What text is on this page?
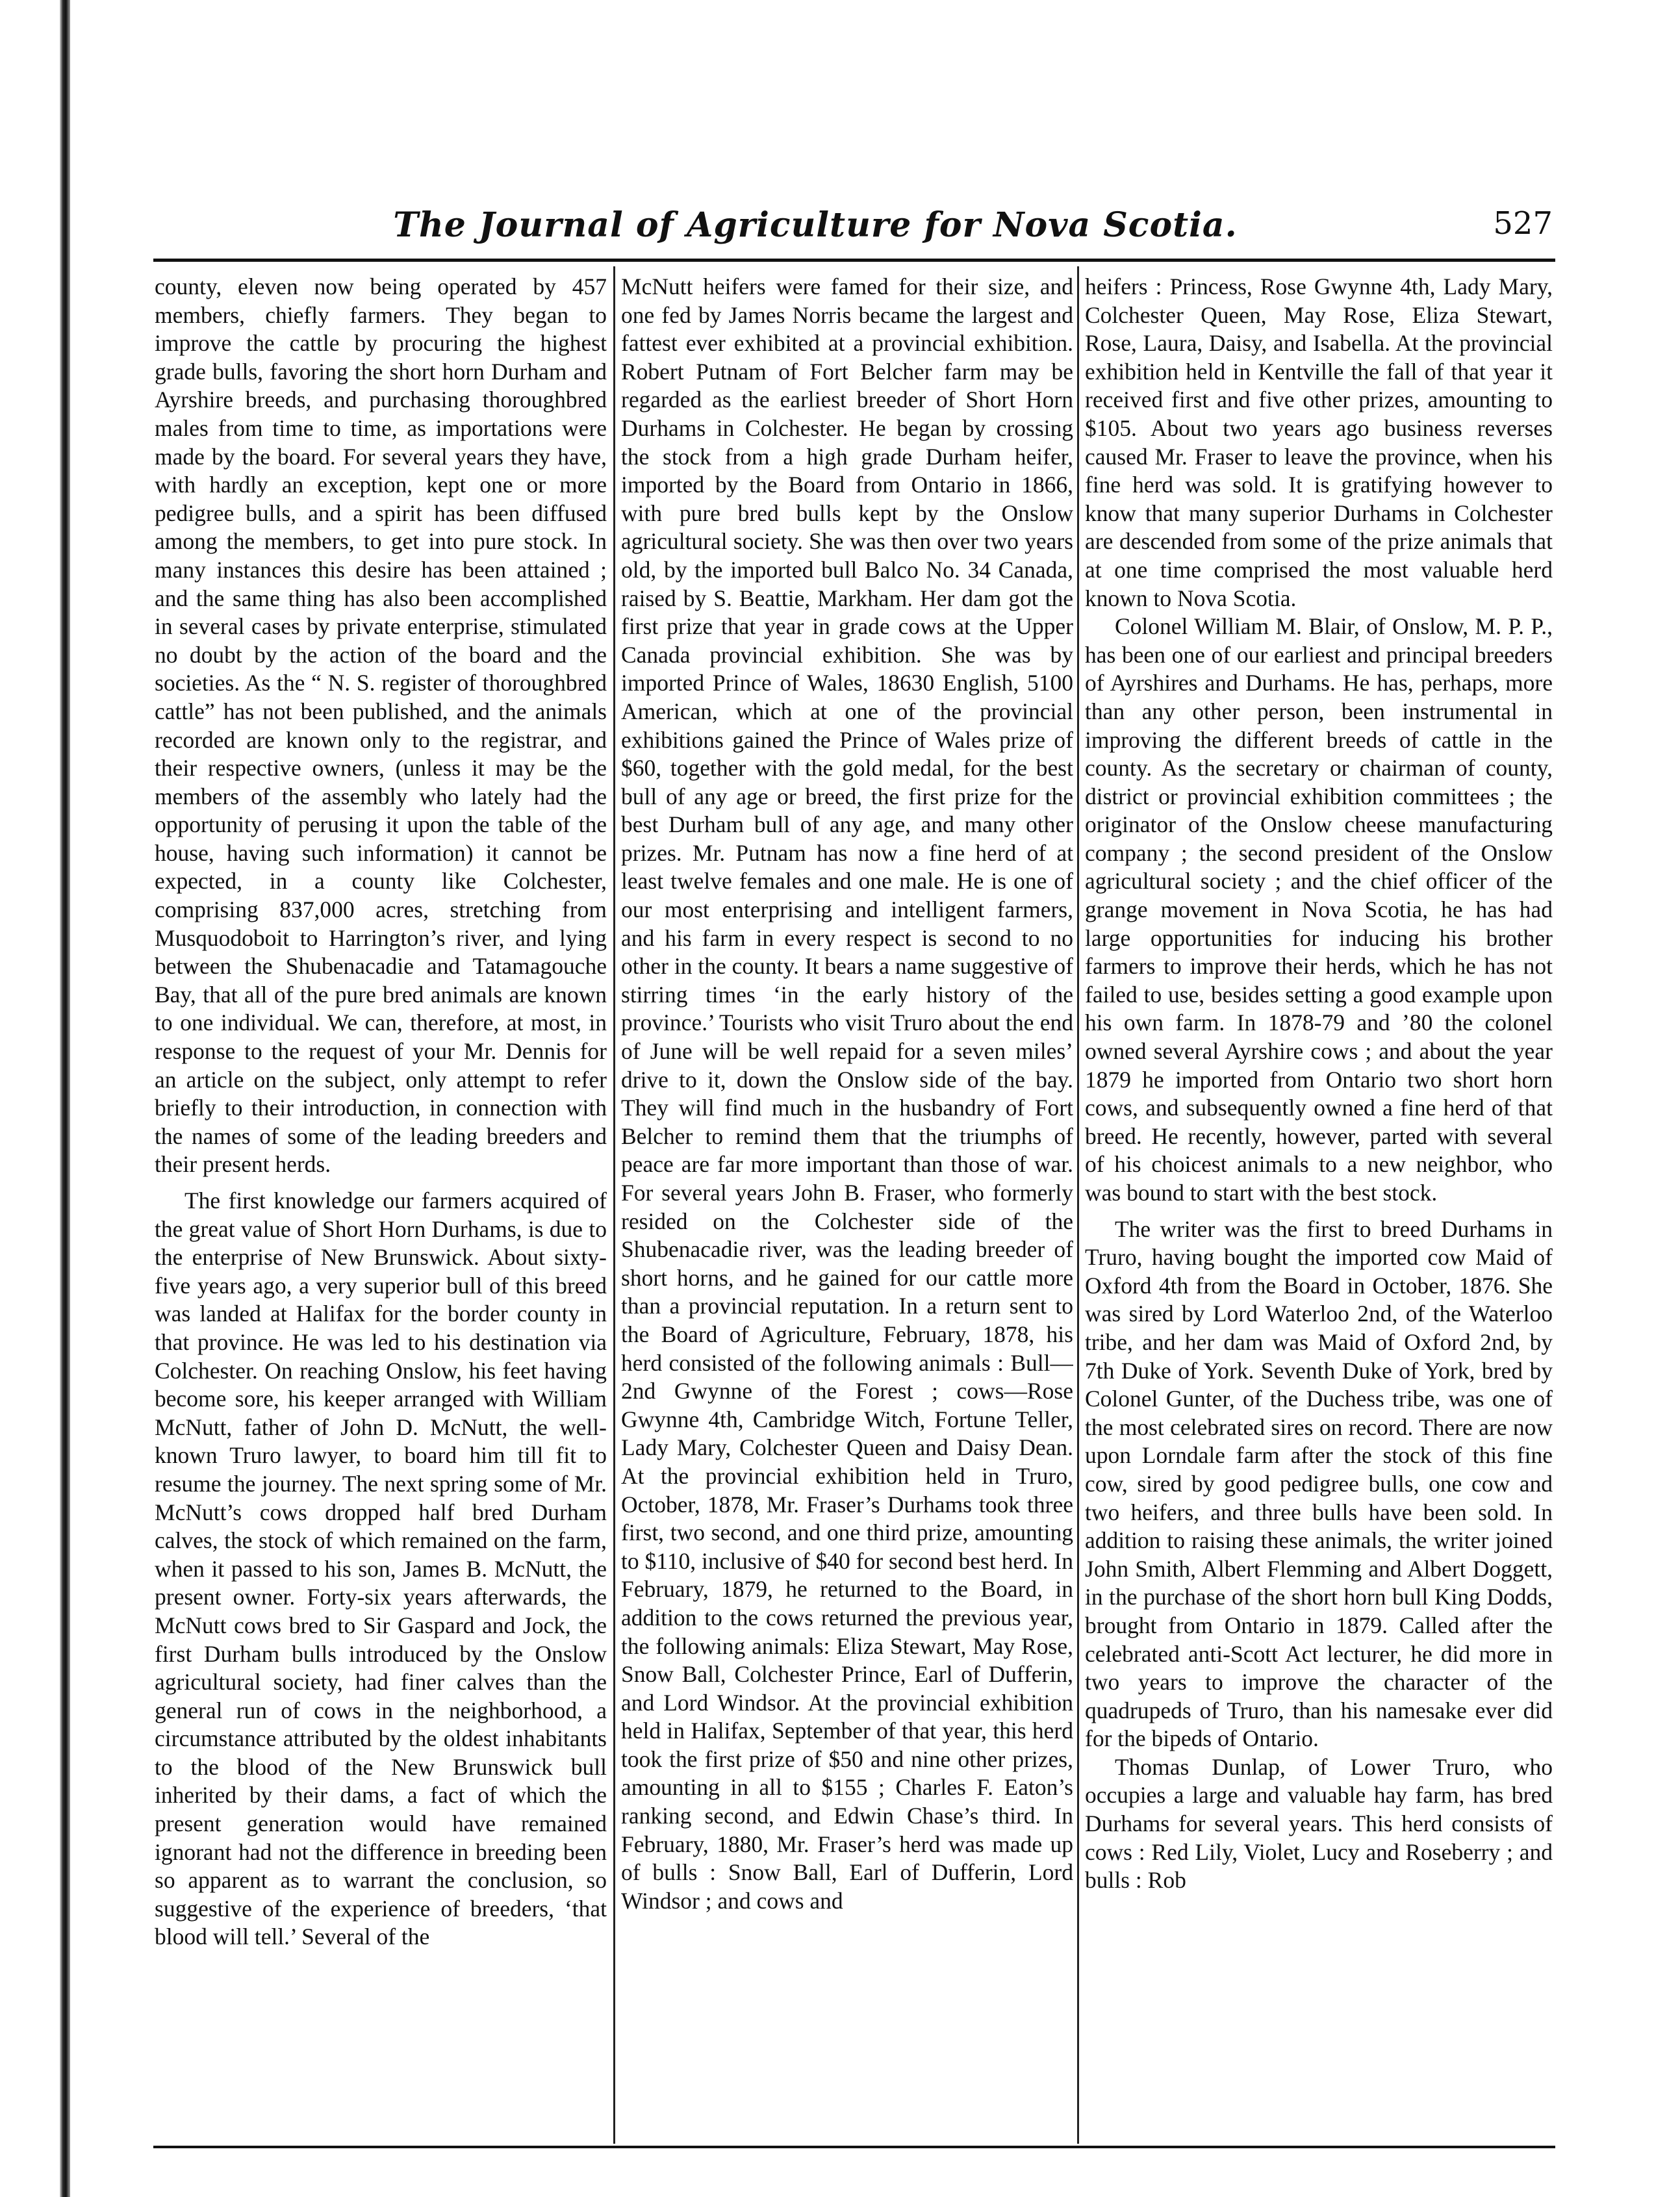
The Journal of Agriculture for Nova Scotia.	527

county, eleven now being operated by 457 members, chiefly farmers. They began to improve the cattle by procuring the highest grade bulls, favoring the short horn Durham and Ayrshire breeds, and purchasing thoroughbred males from time to time, as importations were made by the board. For several years they have, with hardly an exception, kept one or more pedigree bulls, and a spirit has been diffused among the members, to get into pure stock. In many instances this desire has been attained ; and the same thing has also been accomplished in several cases by private enterprise, stimulated no doubt by the action of the board and the societies. As the “ N. S. register of thoroughbred cattle” has not been published, and the animals recorded are known only to the registrar, and their respective owners, (unless it may be the members of the assembly who lately had the opportunity of perusing it upon the table of the house, having such information) it cannot be expected, in a county like Colchester, comprising 837,000 acres, stretching from Musquodoboit to Harrington’s river, and lying between the Shubenacadie and Tatamagouche Bay, that all of the pure bred animals are known to one individual. We can, therefore, at most, in response to the request of your Mr. Dennis for an article on the subject, only attempt to refer briefly to their introduction, in connection with the names of some of the leading breeders and their present herds.

The first knowledge our farmers acquired of the great value of Short Horn Durhams, is due to the enterprise of New Brunswick. About sixty-five years ago, a very superior bull of this breed was landed at Halifax for the border county in that province. He was led to his destination via Colchester. On reaching Onslow, his feet having become sore, his keeper arranged with William McNutt, father of John D. McNutt, the well-known Truro lawyer, to board him till fit to resume the journey. The next spring some of Mr. McNutt’s cows dropped half bred Durham calves, the stock of which remained on the farm, when it passed to his son, James B. McNutt, the present owner. Forty-six years afterwards, the McNutt cows bred to Sir Gaspard and Jock, the first Durham bulls introduced by the Onslow agricultural society, had finer calves than the general run of cows in the neighborhood, a circumstance attributed by the oldest inhabitants to the blood of the New Brunswick bull inherited by their dams, a fact of which the present generation would have remained ignorant had not the difference in breeding been so apparent as to warrant the conclusion, so suggestive of the experience of breeders, ‘that blood will tell.’ Several of the

McNutt heifers were famed for their size, and one fed by James Norris became the largest and fattest ever exhibited at a provincial exhibition. Robert Putnam of Fort Belcher farm may be regarded as the earliest breeder of Short Horn Durhams in Colchester. He began by crossing the stock from a high grade Durham heifer, imported by the Board from Ontario in 1866, with pure bred bulls kept by the Onslow agricultural society. She was then over two years old, by the imported bull Balco No. 34 Canada, raised by S. Beattie, Markham. Her dam got the first prize that year in grade cows at the Upper Canada provincial exhibition. She was by imported Prince of Wales, 18630 English, 5100 American, which at one of the provincial exhibitions gained the Prince of Wales prize of $60, together with the gold medal, for the best bull of any age or breed, the first prize for the best Durham bull of any age, and many other prizes. Mr. Putnam has now a fine herd of at least twelve females and one male. He is one of our most enterprising and intelligent farmers, and his farm in every respect is second to no other in the county. It bears a name suggestive of stirring times ‘in the early history of the province.’ Tourists who visit Truro about the end of June will be well repaid for a seven miles’ drive to it, down the Onslow side of the bay. They will find much in the husbandry of Fort Belcher to remind them that the triumphs of peace are far more important than those of war. For several years John B. Fraser, who formerly resided on the Colchester side of the Shubenacadie river, was the leading breeder of short horns, and he gained for our cattle more than a provincial reputation. In a return sent to the Board of Agriculture, February, 1878, his herd consisted of the following animals : Bull—2nd Gwynne of the Forest ; cows—Rose Gwynne 4th, Cambridge Witch, Fortune Teller, Lady Mary, Colchester Queen and Daisy Dean. At the provincial exhibition held in Truro, October, 1878, Mr. Fraser’s Durhams took three first, two second, and one third prize, amounting to $110, inclusive of $40 for second best herd. In February, 1879, he returned to the Board, in addition to the cows returned the previous year, the following animals: Eliza Stewart, May Rose, Snow Ball, Colchester Prince, Earl of Dufferin, and Lord Windsor. At the provincial exhibition held in Halifax, September of that year, this herd took the first prize of $50 and nine other prizes, amounting in all to $155 ; Charles F. Eaton’s ranking second, and Edwin Chase’s third. In February, 1880, Mr. Fraser’s herd was made up of bulls : Snow Ball, Earl of Dufferin, Lord Windsor ; and cows and

heifers : Princess, Rose Gwynne 4th, Lady Mary, Colchester Queen, May Rose, Eliza Stewart, Rose, Laura, Daisy, and Isabella. At the provincial exhibition held in Kentville the fall of that year it received first and five other prizes, amounting to $105. About two years ago business reverses caused Mr. Fraser to leave the province, when his fine herd was sold. It is gratifying however to know that many superior Durhams in Colchester are descended from some of the prize animals that at one time comprised the most valuable herd known to Nova Scotia.

Colonel William M. Blair, of Onslow, M. P. P., has been one of our earliest and principal breeders of Ayrshires and Durhams. He has, perhaps, more than any other person, been instrumental in improving the different breeds of cattle in the county. As the secretary or chairman of county, district or provincial exhibition committees ; the originator of the Onslow cheese manufacturing company ; the second president of the Onslow agricultural society ; and the chief officer of the grange movement in Nova Scotia, he has had large opportunities for inducing his brother farmers to improve their herds, which he has not failed to use, besides setting a good example upon his own farm. In 1878-79 and ’80 the colonel owned several Ayrshire cows ; and about the year 1879 he imported from Ontario two short horn cows, and subsequently owned a fine herd of that breed. He recently, however, parted with several of his choicest animals to a new neighbor, who was bound to start with the best stock.

The writer was the first to breed Durhams in Truro, having bought the imported cow Maid of Oxford 4th from the Board in October, 1876. She was sired by Lord Waterloo 2nd, of the Waterloo tribe, and her dam was Maid of Oxford 2nd, by 7th Duke of York. Seventh Duke of York, bred by Colonel Gunter, of the Duchess tribe, was one of the most celebrated sires on record. There are now upon Lorndale farm after the stock of this fine cow, sired by good pedigree bulls, one cow and two heifers, and three bulls have been sold. In addition to raising these animals, the writer joined John Smith, Albert Flemming and Albert Doggett, in the purchase of the short horn bull King Dodds, brought from Ontario in 1879. Called after the celebrated anti-Scott Act lecturer, he did more in two years to improve the character of the quadrupeds of Truro, than his namesake ever did for the bipeds of Ontario.

Thomas Dunlap, of Lower Truro, who occupies a large and valuable hay farm, has bred Durhams for several years. This herd consists of cows : Red Lily, Violet, Lucy and Roseberry ; and bulls : Rob
